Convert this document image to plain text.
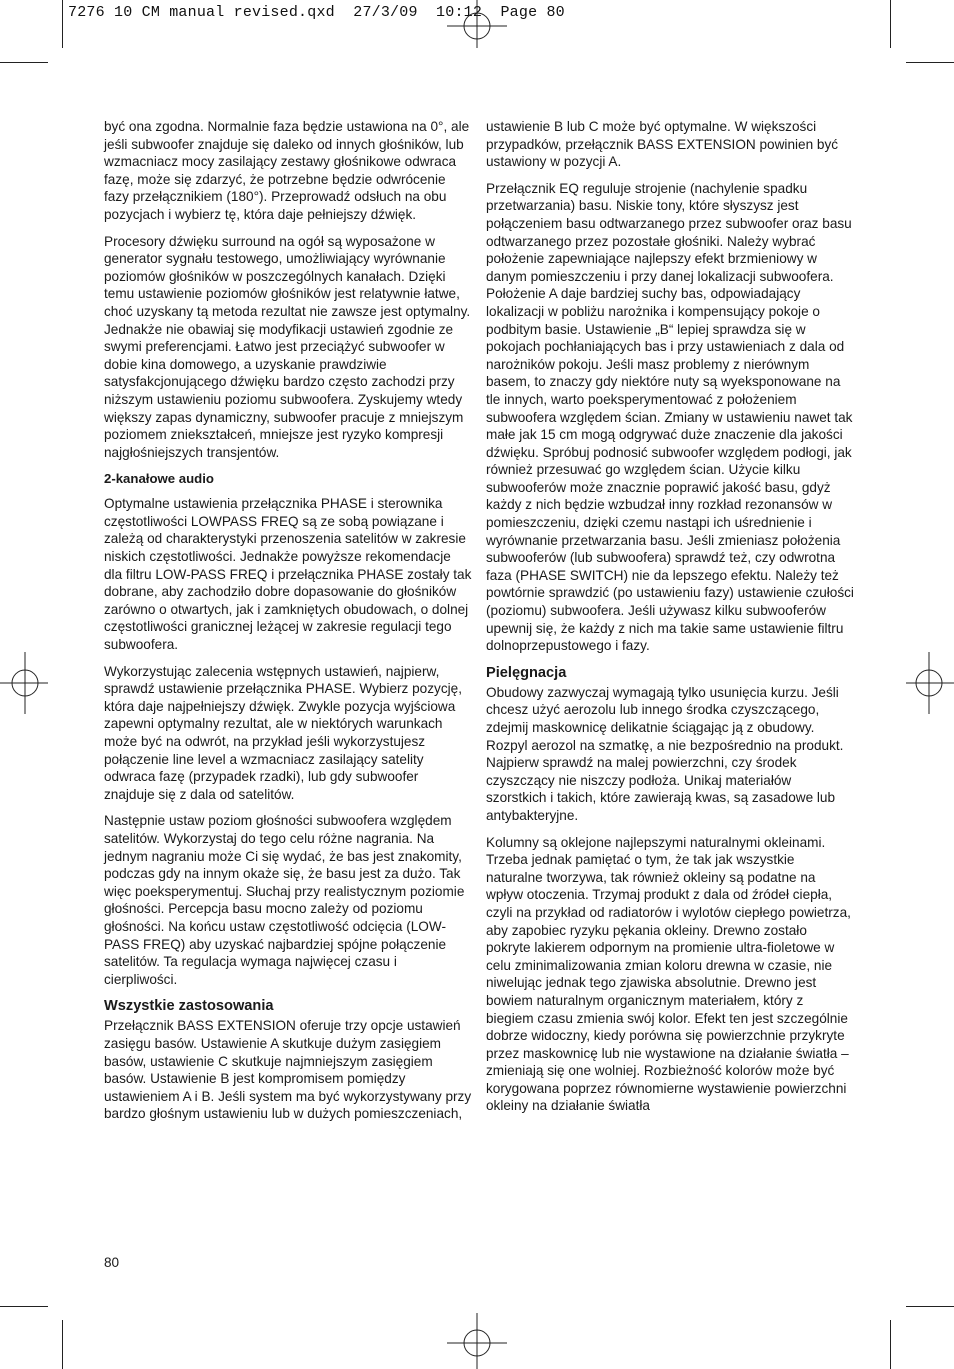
7276 10 CM manual revised.qxd  27/3/09  10:12  Page 80

być ona zgodna. Normalnie faza będzie ustawiona na 0°, ale jeśli subwoofer znajduje się daleko od innych głośników, lub wzmacniacz mocy zasilający zestawy głośnikowe odwraca fazę, może się zdarzyć, że potrzebne będzie odwrócenie fazy przełącznikiem (180°). Przeprowadź odsłuch na obu pozycjach i wybierz tę, która daje pełniejszy dźwięk.

Procesory dźwięku surround na ogół są wyposażone w generator sygnału testowego, umożliwiający wyrównanie poziomów głośników w poszczególnych kanałach. Dzięki temu ustawienie poziomów głośników jest relatywnie łatwe, choć uzyskany tą metoda rezultat nie zawsze jest optymalny. Jednakże nie obawiaj się modyfikacji ustawień zgodnie ze swymi preferencjami. Łatwo jest przeciążyć subwoofer w dobie kina domowego, a uzyskanie prawdziwie satysfakcjonującego dźwięku bardzo często zachodzi przy niższym ustawieniu poziomu subwoofera. Zyskujemy wtedy większy zapas dynamiczny, subwoofer pracuje z mniejszym poziomem zniekształceń, mniejsze jest ryzyko kompresji najgłośniejszych transjentów.

2-kanałowe audio

Optymalne ustawienia przełącznika PHASE i sterownika częstotliwości LOWPASS FREQ są ze sobą powiązane i zależą od charakterystyki przenoszenia satelitów w zakresie niskich częstotliwości. Jednakże powyższe rekomendacje dla filtru LOW-PASS FREQ i przełącznika PHASE zostały tak dobrane, aby zachodziło dobre dopasowanie do głośników zarówno o otwartych, jak i zamkniętych obudowach, o dolnej częstotliwości granicznej leżącej w zakresie regulacji tego subwoofera.

Wykorzystując zalecenia wstępnych ustawień, najpierw, sprawdź ustawienie przełącznika PHASE. Wybierz pozycję, która daje najpełniejszy dźwięk. Zwykle pozycja wyjściowa zapewni optymalny rezultat, ale w niektórych warunkach może być na odwrót, na przykład jeśli wykorzystujesz połączenie line level a wzmacniacz zasilający satelity odwraca fazę (przypadek rzadki), lub gdy subwoofer znajduje się z dala od satelitów.

Następnie ustaw poziom głośności subwoofera względem satelitów. Wykorzystaj do tego celu różne nagrania. Na jednym nagraniu może Ci się wydać, że bas jest znakomity, podczas gdy na innym okaże się, że basu jest za dużo. Tak więc poeksperymentuj. Słuchaj przy realistycznym poziomie głośności. Percepcja basu mocno zależy od poziomu głośności. Na końcu ustaw częstotliwość odcięcia (LOW-PASS FREQ) aby uzyskać najbardziej spójne połączenie satelitów. Ta regulacja wymaga najwięcej czasu i cierpliwości.

Wszystkie zastosowania

Przełącznik BASS EXTENSION oferuje trzy opcje ustawień zasięgu basów. Ustawienie A skutkuje dużym zasięgiem basów, ustawienie C skutkuje najmniejszym zasięgiem basów. Ustawienie B jest kompromisem pomiędzy ustawieniem A i B. Jeśli system ma być wykorzystywany przy bardzo głośnym ustawieniu lub w dużych pomieszczeniach,

ustawienie B lub C może być optymalne. W większości przypadków, przełącznik BASS EXTENSION powinien być ustawiony w pozycji A.

Przełącznik EQ reguluje strojenie (nachylenie spadku przetwarzania) basu. Niskie tony, które słyszysz jest połączeniem basu odtwarzanego przez subwoofer oraz basu odtwarzanego przez pozostałe głośniki. Należy wybrać położenie zapewniające najlepszy efekt brzmieniowy w danym pomieszczeniu i przy danej lokalizacji subwoofera. Położenie A daje bardziej suchy bas, odpowiadający lokalizacji w pobliżu narożnika i kompensujący pokoje o podbitym basie. Ustawienie „B“ lepiej sprawdza się w pokojach pochłaniających bas i przy ustawieniach z dala od narożników pokoju. Jeśli masz problemy z nierównym basem, to znaczy gdy niektóre nuty są wyeksponowane na tle innych, warto poeksperymentować z położeniem subwoofera względem ścian. Zmiany w ustawieniu nawet tak małe jak 15 cm mogą odgrywać duże znaczenie dla jakości dźwięku. Spróbuj podnosić subwoofer względem podłogi, jak również przesuwać go względem ścian. Użycie kilku subwooferów może znacznie poprawić jakość basu, gdyż każdy z nich będzie wzbudzał inny rozkład rezonansów w pomieszczeniu, dzięki czemu nastąpi ich uśrednienie i wyrównanie przetwarzania basu. Jeśli zmieniasz położenia subwooferów (lub subwoofera) sprawdź też, czy odwrotna faza (PHASE SWITCH) nie da lepszego efektu. Należy też powtórnie sprawdzić (po ustawieniu fazy) ustawienie czułości (poziomu) subwoofera. Jeśli używasz kilku subwooferów upewnij się, że każdy z nich ma takie same ustawienie filtru dolnoprzepustowego i fazy.

Pielęgnacja

Obudowy zazwyczaj wymagają tylko usunięcia kurzu. Jeśli chcesz użyć aerozolu lub innego środka czyszczącego, zdejmij maskownicę delikatnie ściągając ją z obudowy. Rozpyl aerozol na szmatkę, a nie bezpośrednio na produkt. Najpierw sprawdź na malej powierzchni, czy środek czyszczący nie niszczy podłoża. Unikaj materiałów szorstkich i takich, które zawierają kwas, są zasadowe lub antybakteryjne.

Kolumny są oklejone najlepszymi naturalnymi okleinami. Trzeba jednak pamiętać o tym, że tak jak wszystkie naturalne tworzywa, tak również okleiny są podatne na wpływ otoczenia. Trzymaj produkt z dala od źródeł ciepła, czyli na przykład od radiatorów i wylotów ciepłego powietrza, aby zapobiec ryzyku pękania okleiny. Drewno zostało pokryte lakierem odpornym na promienie ultra-fioletowe w celu zminimalizowania zmian koloru drewna w czasie, nie niwelując jednak tego zjawiska absolutnie. Drewno jest bowiem naturalnym organicznym materiałem, który z biegiem czasu zmienia swój kolor. Efekt ten jest szczególnie dobrze widoczny, kiedy porówna się powierzchnie przykryte przez maskownicę lub nie wystawione na działanie światła – zmieniają się one wolniej. Rozbieżność kolorów może być korygowana poprzez równomierne wystawienie powierzchni okleiny na działanie światła

80
